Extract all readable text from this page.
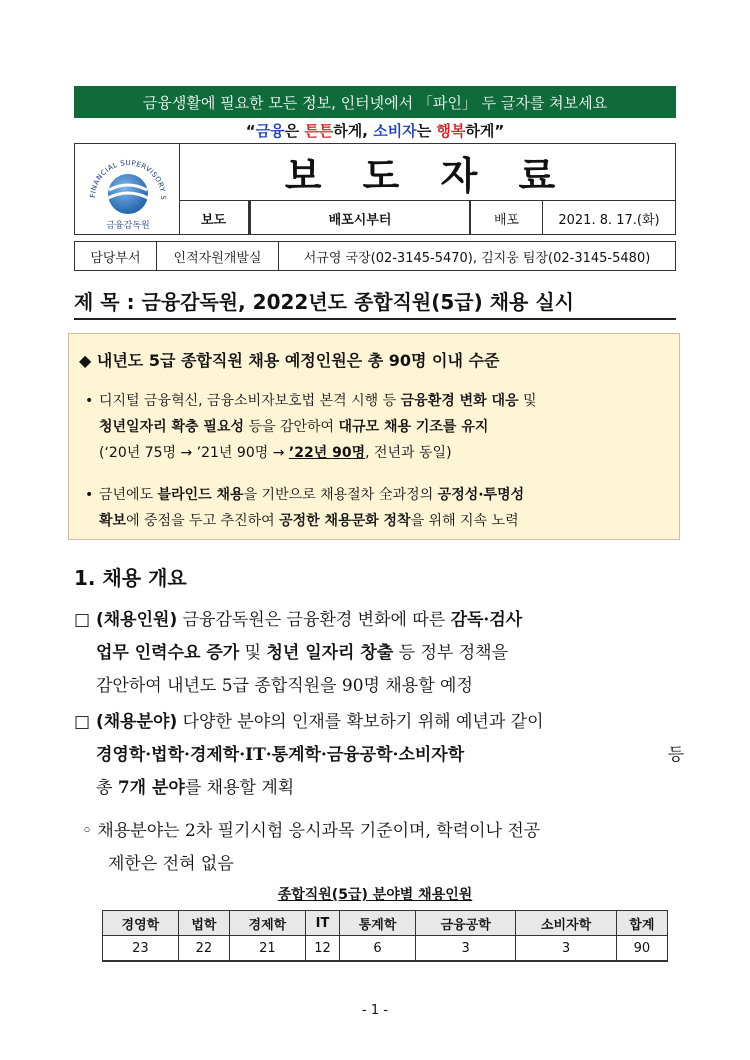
금융생활에 필요한 모든 정보, 인터넷에서 「파인」 두 글자를 쳐보세요
“금융은 튼튼하게, 소비자는 행복하게”
FINANCIAL SUPERVISORY S
금융감독원
보 도 자 료
보도	배포시부터	배포	2021. 8. 17.(화)
담당부서	인적자원개발실	서규영 국장(02-3145-5470), 김지웅 팀장(02-3145-5480)
제 목 : 금융감독원, 2022년도 종합직원(5급) 채용 실시
◆ 내년도 5급 종합직원 채용 예정인원은 총 90명 이내 수준
• 디지털 금융혁신, 금융소비자보호법 본격 시행 등 금융환경 변화 대응 및
청년일자리 확충 필요성 등을 감안하여 대규모 채용 기조를 유지
(‘20년 75명 → ’21년 90명 → ’22년 90명, 전년과 동일)
• 금년에도 블라인드 채용을 기반으로 채용절차 全과정의 공정성·투명성
확보에 중점을 두고 추진하여 공정한 채용문화 정착을 위해 지속 노력
1. 채용 개요
□ (채용인원) 금융감독원은 금융환경 변화에 따른 감독·검사
업무 인력수요 증가 및 청년 일자리 창출 등 정부 정책을
감안하여 내년도 5급 종합직원을 90명 채용할 예정
□ (채용분야) 다양한 분야의 인재를 확보하기 위해 예년과 같이
경영학·법학·경제학·IT·통계학·금융공학·소비자학	등
총 7개 분야를 채용할 계획
◦ 채용분야는 2차 필기시험 응시과목 기준이며, 학력이나 전공
제한은 전혀 없음
종합직원(5급) 분야별 채용인원
경영학	법학	경제학	IT	통계학	금융공학	소비자학	합계
23	22	21	12	6	3	3	90
- 1 -
